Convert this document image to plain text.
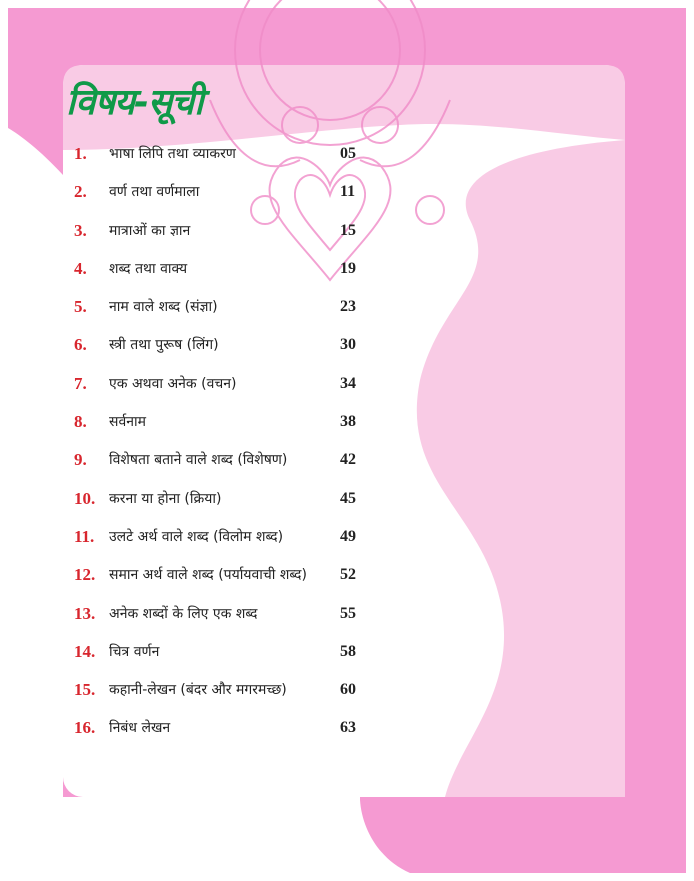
विषय-सूची
1. भाषा लिपि तथा व्याकरण	05
2. वर्ण तथा वर्णमाला	11
3. मात्राओं का ज्ञान	15
4. शब्द तथा वाक्य	19
5. नाम वाले शब्द (संज्ञा)	23
6. स्त्री तथा पुरूष (लिंग)	30
7. एक अथवा अनेक (वचन)	34
8. सर्वनाम	38
9. विशेषता बताने वाले शब्द (विशेषण)	42
10. करना या होना (क्रिया)	45
11. उलटे अर्थ वाले शब्द (विलोम शब्द)	49
12. समान अर्थ वाले शब्द (पर्यायवाची शब्द) 52
13. अनेक शब्दों के लिए एक शब्द	55
14. चित्र वर्णन	58
15. कहानी-लेखन (बंदर और मगरमच्छ)	60
16. निबंध लेखन	63
